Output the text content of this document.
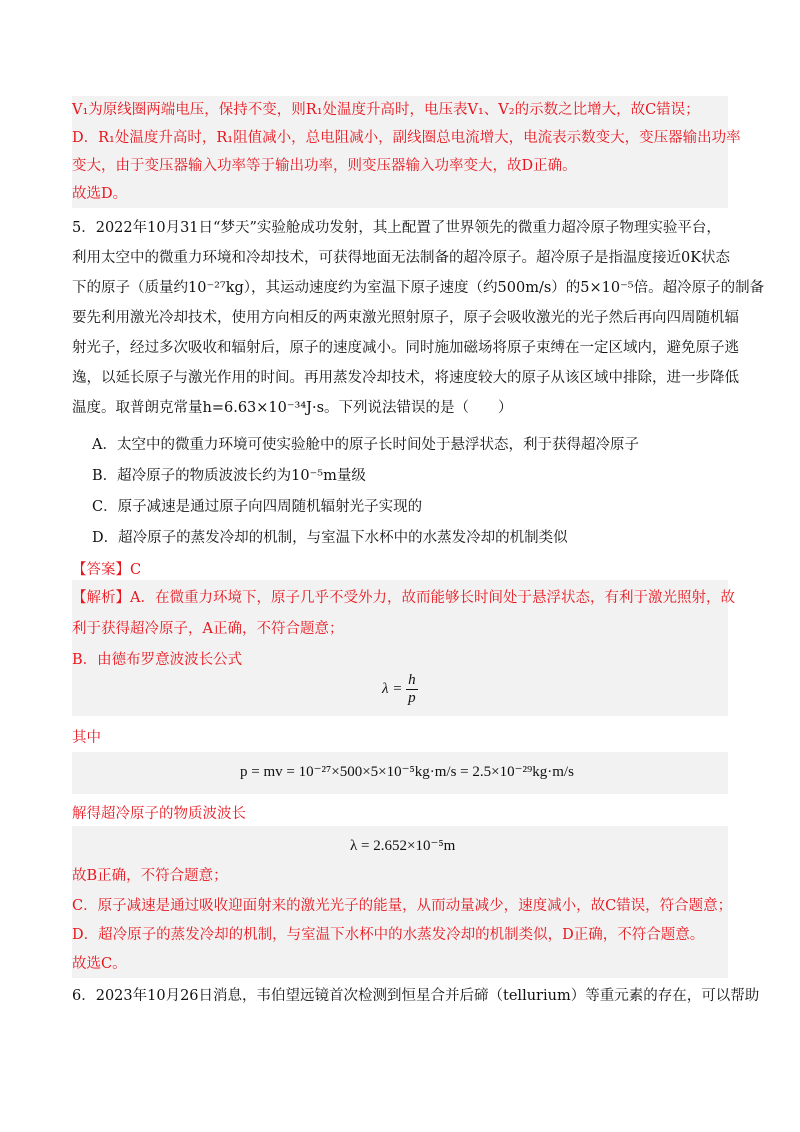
V₁为原线圈两端电压，保持不变，则R₁处温度升高时，电压表V₁、V₂的示数之比增大，故C错误；
D．R₁处温度升高时，R₁阻值减小，总电阻减小，副线圈总电流增大，电流表示数变大，变压器输出功率
变大，由于变压器输入功率等于输出功率，则变压器输入功率变大，故D正确。
故选D。
5．2022年10月31日“梦天”实验舱成功发射，其上配置了世界领先的微重力超冷原子物理实验平台，
利用太空中的微重力环境和冷却技术，可获得地面无法制备的超冷原子。超冷原子是指温度接近0K状态
下的原子（质量约10⁻²⁷kg），其运动速度约为室温下原子速度（约500m/s）的5×10⁻⁵倍。超冷原子的制备
要先利用激光冷却技术，使用方向相反的两束激光照射原子，原子会吸收激光的光子然后再向四周随机辐
射光子，经过多次吸收和辐射后，原子的速度减小。同时施加磁场将原子束缚在一定区域内，避免原子逃
逸，以延长原子与激光作用的时间。再用蒸发冷却技术，将速度较大的原子从该区域中排除，进一步降低
温度。取普朗克常量h=6.63×10⁻³⁴J·s。下列说法错误的是（　　）
A．太空中的微重力环境可使实验舱中的原子长时间处于悬浮状态，利于获得超冷原子
B．超冷原子的物质波波长约为10⁻⁵m量级
C．原子减速是通过原子向四周随机辐射光子实现的
D．超冷原子的蒸发冷却的机制，与室温下水杯中的水蒸发冷却的机制类似
【答案】C
【解析】A．在微重力环境下，原子几乎不受外力，故而能够长时间处于悬浮状态，有利于激光照射，故
利于获得超冷原子，A正确，不符合题意；
B．由德布罗意波波长公式
$\lambda = \frac{h}{p}$
其中
p = mv = 10⁻²⁷×500×5×10⁻⁵kg·m/s = 2.5×10⁻²⁹kg·m/s
解得超冷原子的物质波波长
λ = 2.652×10⁻⁵m
故B正确，不符合题意；
C．原子减速是通过吸收迎面射来的激光光子的能量，从而动量减少，速度减小，故C错误，符合题意；
D．超冷原子的蒸发冷却的机制，与室温下水杯中的水蒸发冷却的机制类似，D正确，不符合题意。
故选C。
6．2023年10月26日消息，韦伯望远镜首次检测到恒星合并后碲（tellurium）等重元素的存在，可以帮助
